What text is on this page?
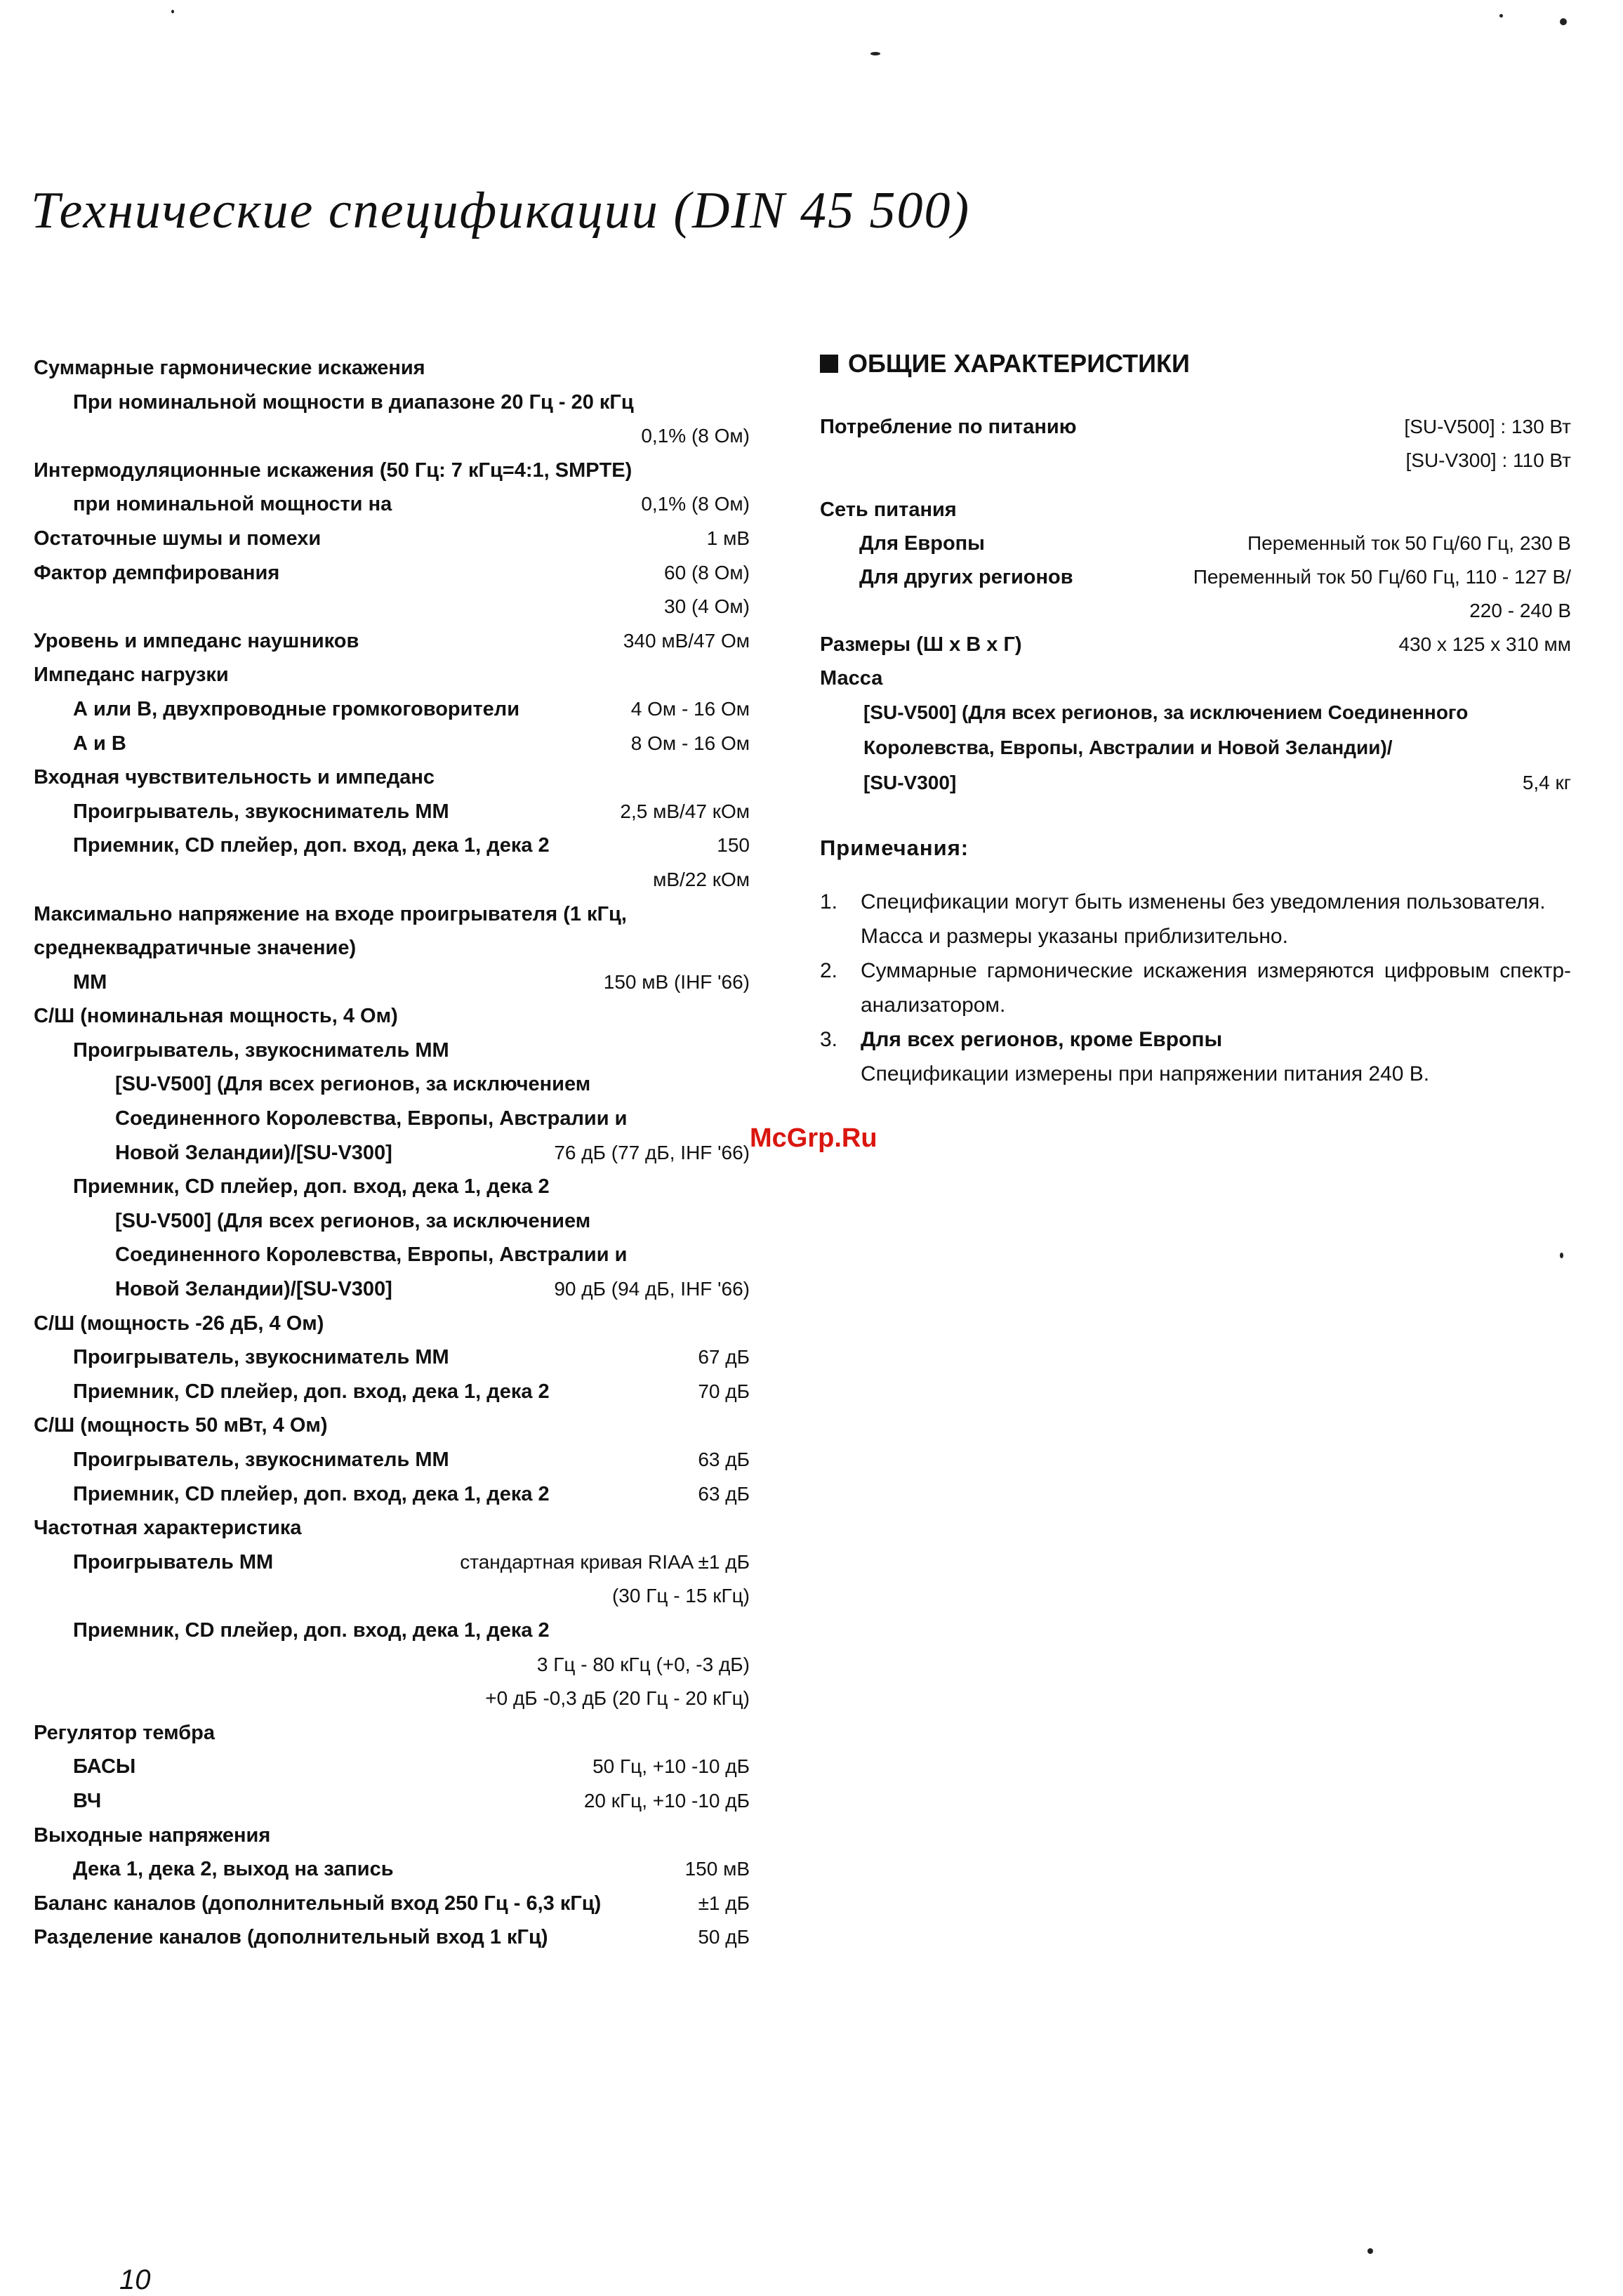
Технические спецификации (DIN 45 500)
Суммарные гармонические искажения
При номинальной мощности в диапазоне 20 Гц - 20 кГц
0,1% (8 Ом)
Интермодуляционные искажения (50 Гц: 7 кГц=4:1, SMPTE)
при номинальной мощности на	0,1% (8 Ом)
Остаточные шумы и помехи	1 мВ
Фактор демпфирования	60 (8 Ом)
30 (4 Ом)
Уровень и импеданс наушников	340 мВ/47 Ом
Импеданс нагрузки
А или В, двухпроводные громкоговорители	4 Ом - 16 Ом
А и В	8 Ом - 16 Ом
Входная чувствительность и импеданс
Проигрыватель, звукосниматель ММ	2,5 мВ/47 кОм
Приемник, CD плейер, доп. вход, дека 1, дека 2	150
мВ/22 кОм
Максимально напряжение на входе проигрывателя (1 кГц,
среднеквадратичные значение)
ММ	150 мВ (IHF '66)
С/Ш (номинальная мощность, 4 Ом)
Проигрыватель, звукосниматель ММ
[SU-V500] (Для всех регионов, за исключением
Соединенного Королевства, Европы, Австралии и
Новой Зеландии)/[SU-V300]	76 дБ (77 дБ, IHF '66)
Приемник, CD плейер, доп. вход, дека 1, дека 2
[SU-V500] (Для всех регионов, за исключением
Соединенного Королевства, Европы, Австралии и
Новой Зеландии)/[SU-V300]	90 дБ (94 дБ, IHF '66)
С/Ш (мощность -26 дБ, 4 Ом)
Проигрыватель, звукосниматель ММ	67 дБ
Приемник, CD плейер, доп. вход, дека 1, дека 2	70 дБ
С/Ш (мощность 50 мВт, 4 Ом)
Проигрыватель, звукосниматель ММ	63 дБ
Приемник, CD плейер, доп. вход, дека 1, дека 2	63 дБ
Частотная характеристика
Проигрыватель ММ	стандартная кривая RIAA ±1 дБ
(30 Гц - 15 кГц)
Приемник, CD плейер, доп. вход, дека 1, дека 2
3 Гц - 80 кГц (+0, -3 дБ)
+0 дБ -0,3 дБ (20 Гц - 20 кГц)
Регулятор тембра
БАСЫ	50 Гц, +10 -10 дБ
ВЧ	20 кГц, +10 -10 дБ
Выходные напряжения
Дека 1, дека 2, выход на запись	150 мВ
Баланс каналов (дополнительный вход 250 Гц - 6,3 кГц)	±1 дБ
Разделение каналов (дополнительный вход 1 кГц)	50 дБ
ОБЩИЕ ХАРАКТЕРИСТИКИ
Потребление по питанию	[SU-V500] : 130 Вт
[SU-V300] : 110 Вт
Сеть питания
Для Европы	Переменный ток 50 Гц/60 Гц, 230 В
Для других регионов	Переменный ток 50 Гц/60 Гц, 110 - 127 В/
220 - 240 В
Размеры (Ш x В x Г)	430 x 125 x 310 мм
Масса
[SU-V500] (Для всех регионов, за исключением Соединенного
Королевства, Европы, Австралии и Новой Зеландии)/
[SU-V300]	5,4 кг
Примечания:
1.	Спецификации могут быть изменены без уведомления пользователя.
Масса и размеры указаны приблизительно.
2.	Суммарные гармонические искажения измеряются цифровым спектр-анализатором.
3.	Для всех регионов, кроме Европы
Спецификации измерены при напряжении питания 240 В.
McGrp.Ru
10
